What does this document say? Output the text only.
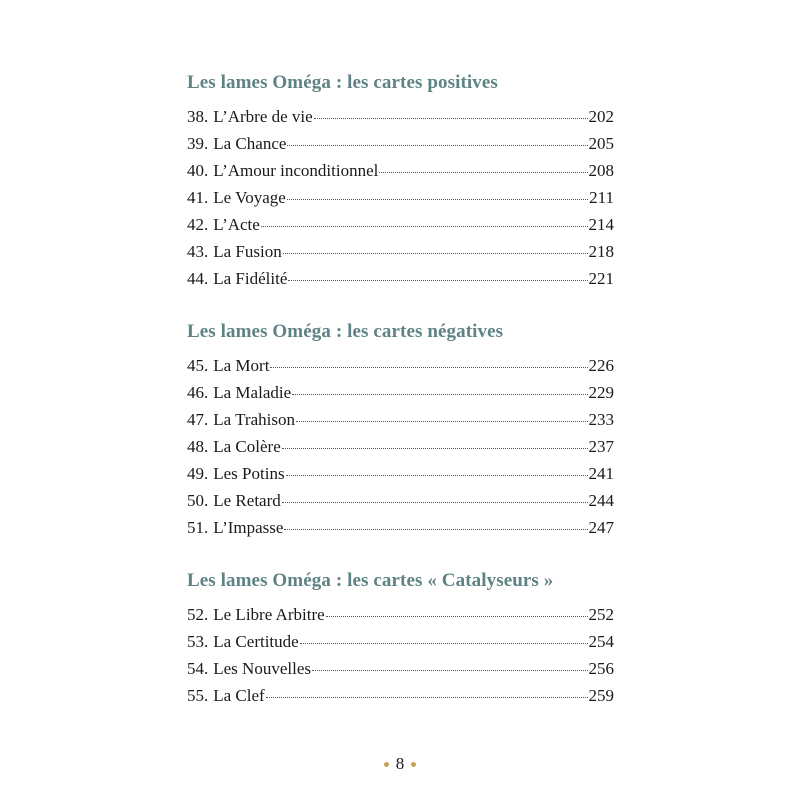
Les lames Oméga : les cartes positives
38. L’Arbre de vie	202
39. La Chance	205
40. L’Amour inconditionnel	208
41. Le Voyage	211
42. L’Acte	214
43. La Fusion	218
44. La Fidélité	221
Les lames Oméga : les cartes négatives
45. La Mort	226
46. La Maladie	229
47. La Trahison	233
48. La Colère	237
49. Les Potins	241
50. Le Retard	244
51. L’Impasse	247
Les lames Oméga : les cartes « Catalyseurs »
52. Le Libre Arbitre	252
53. La Certitude	254
54. Les Nouvelles	256
55. La Clef	259
8
